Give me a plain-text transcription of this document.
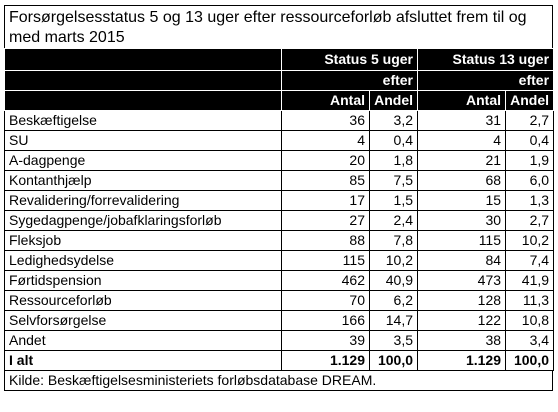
Forsørgelsesstatus 5 og 13 uger efter ressourceforløb afsluttet frem til og med marts 2015
	Status 5 uger		Status 13 uger	
	efter		efter	
	Antal	Andel	Antal	Andel
Beskæftigelse	36	3,2	31	2,7
SU	4	0,4	4	0,4
A-dagpenge	20	1,8	21	1,9
Kontanthjælp	85	7,5	68	6,0
Revalidering/forrevalidering	17	1,5	15	1,3
Sygedagpenge/jobafklaringsforløb	27	2,4	30	2,7
Fleksjob	88	7,8	115	10,2
Ledighedsydelse	115	10,2	84	7,4
Førtidspension	462	40,9	473	41,9
Ressourceforløb	70	6,2	128	11,3
Selvforsørgelse	166	14,7	122	10,8
Andet	39	3,5	38	3,4
I alt	1.129	100,0	1.129	100,0
Kilde: Beskæftigelsesministeriets forløbsdatabase DREAM.
